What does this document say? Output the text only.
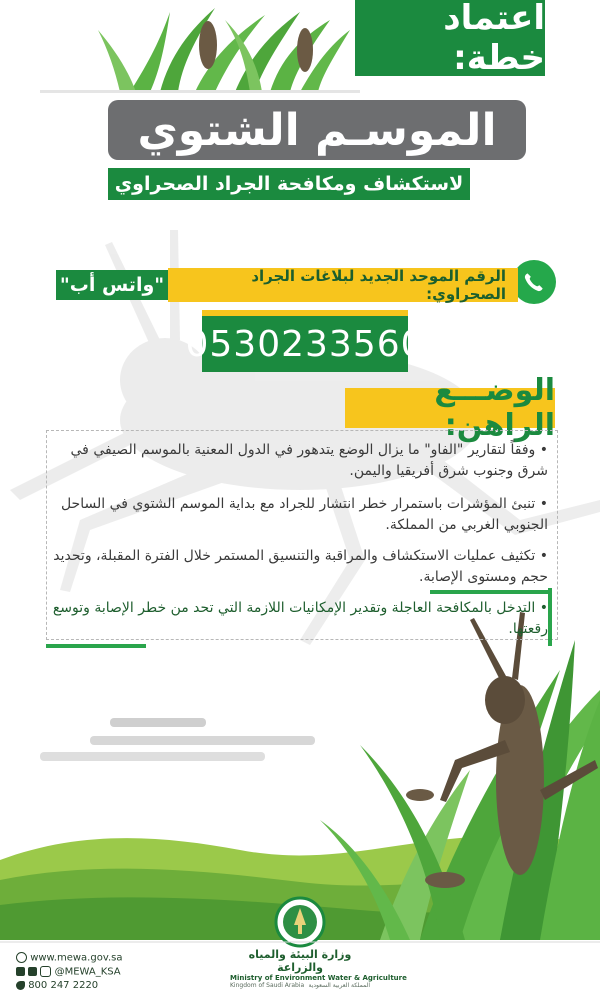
اعتماد خطة:
الموسـم الشتوي
لاستكشاف ومكافحة الجراد الصحراوي
الرقم الموحد الجديد لبلاغات الجراد الصحراوي:
"واتس أب"
0530233560
الوضـــع الراهن:
• وفقاً لتقارير "الفاو" ما يزال الوضع يتدهور في الدول المعنية بالموسم الصيفي في شرق وجنوب شرق أفريقيا واليمن.
• تنبئ المؤشرات باستمرار خطر انتشار للجراد مع بداية الموسم الشتوي في الساحل الجنوبي الغربي من المملكة.
• تكثيف عمليات الاستكشاف والمراقبة والتنسيق المستمر خلال الفترة المقبلة، وتحديد حجم ومستوى الإصابة.
• التدخل بالمكافحة العاجلة وتقدير الإمكانيات اللازمة التي تحد من خطر الإصابة وتوسع رقعتها.
www.mewa.gov.sa
@MEWA_KSA
800 247 2220
وزارة البيئة والمياه والزراعة
Ministry of Environment Water & Agriculture
Kingdom of Saudi Arabia المملكة العربية السعودية
